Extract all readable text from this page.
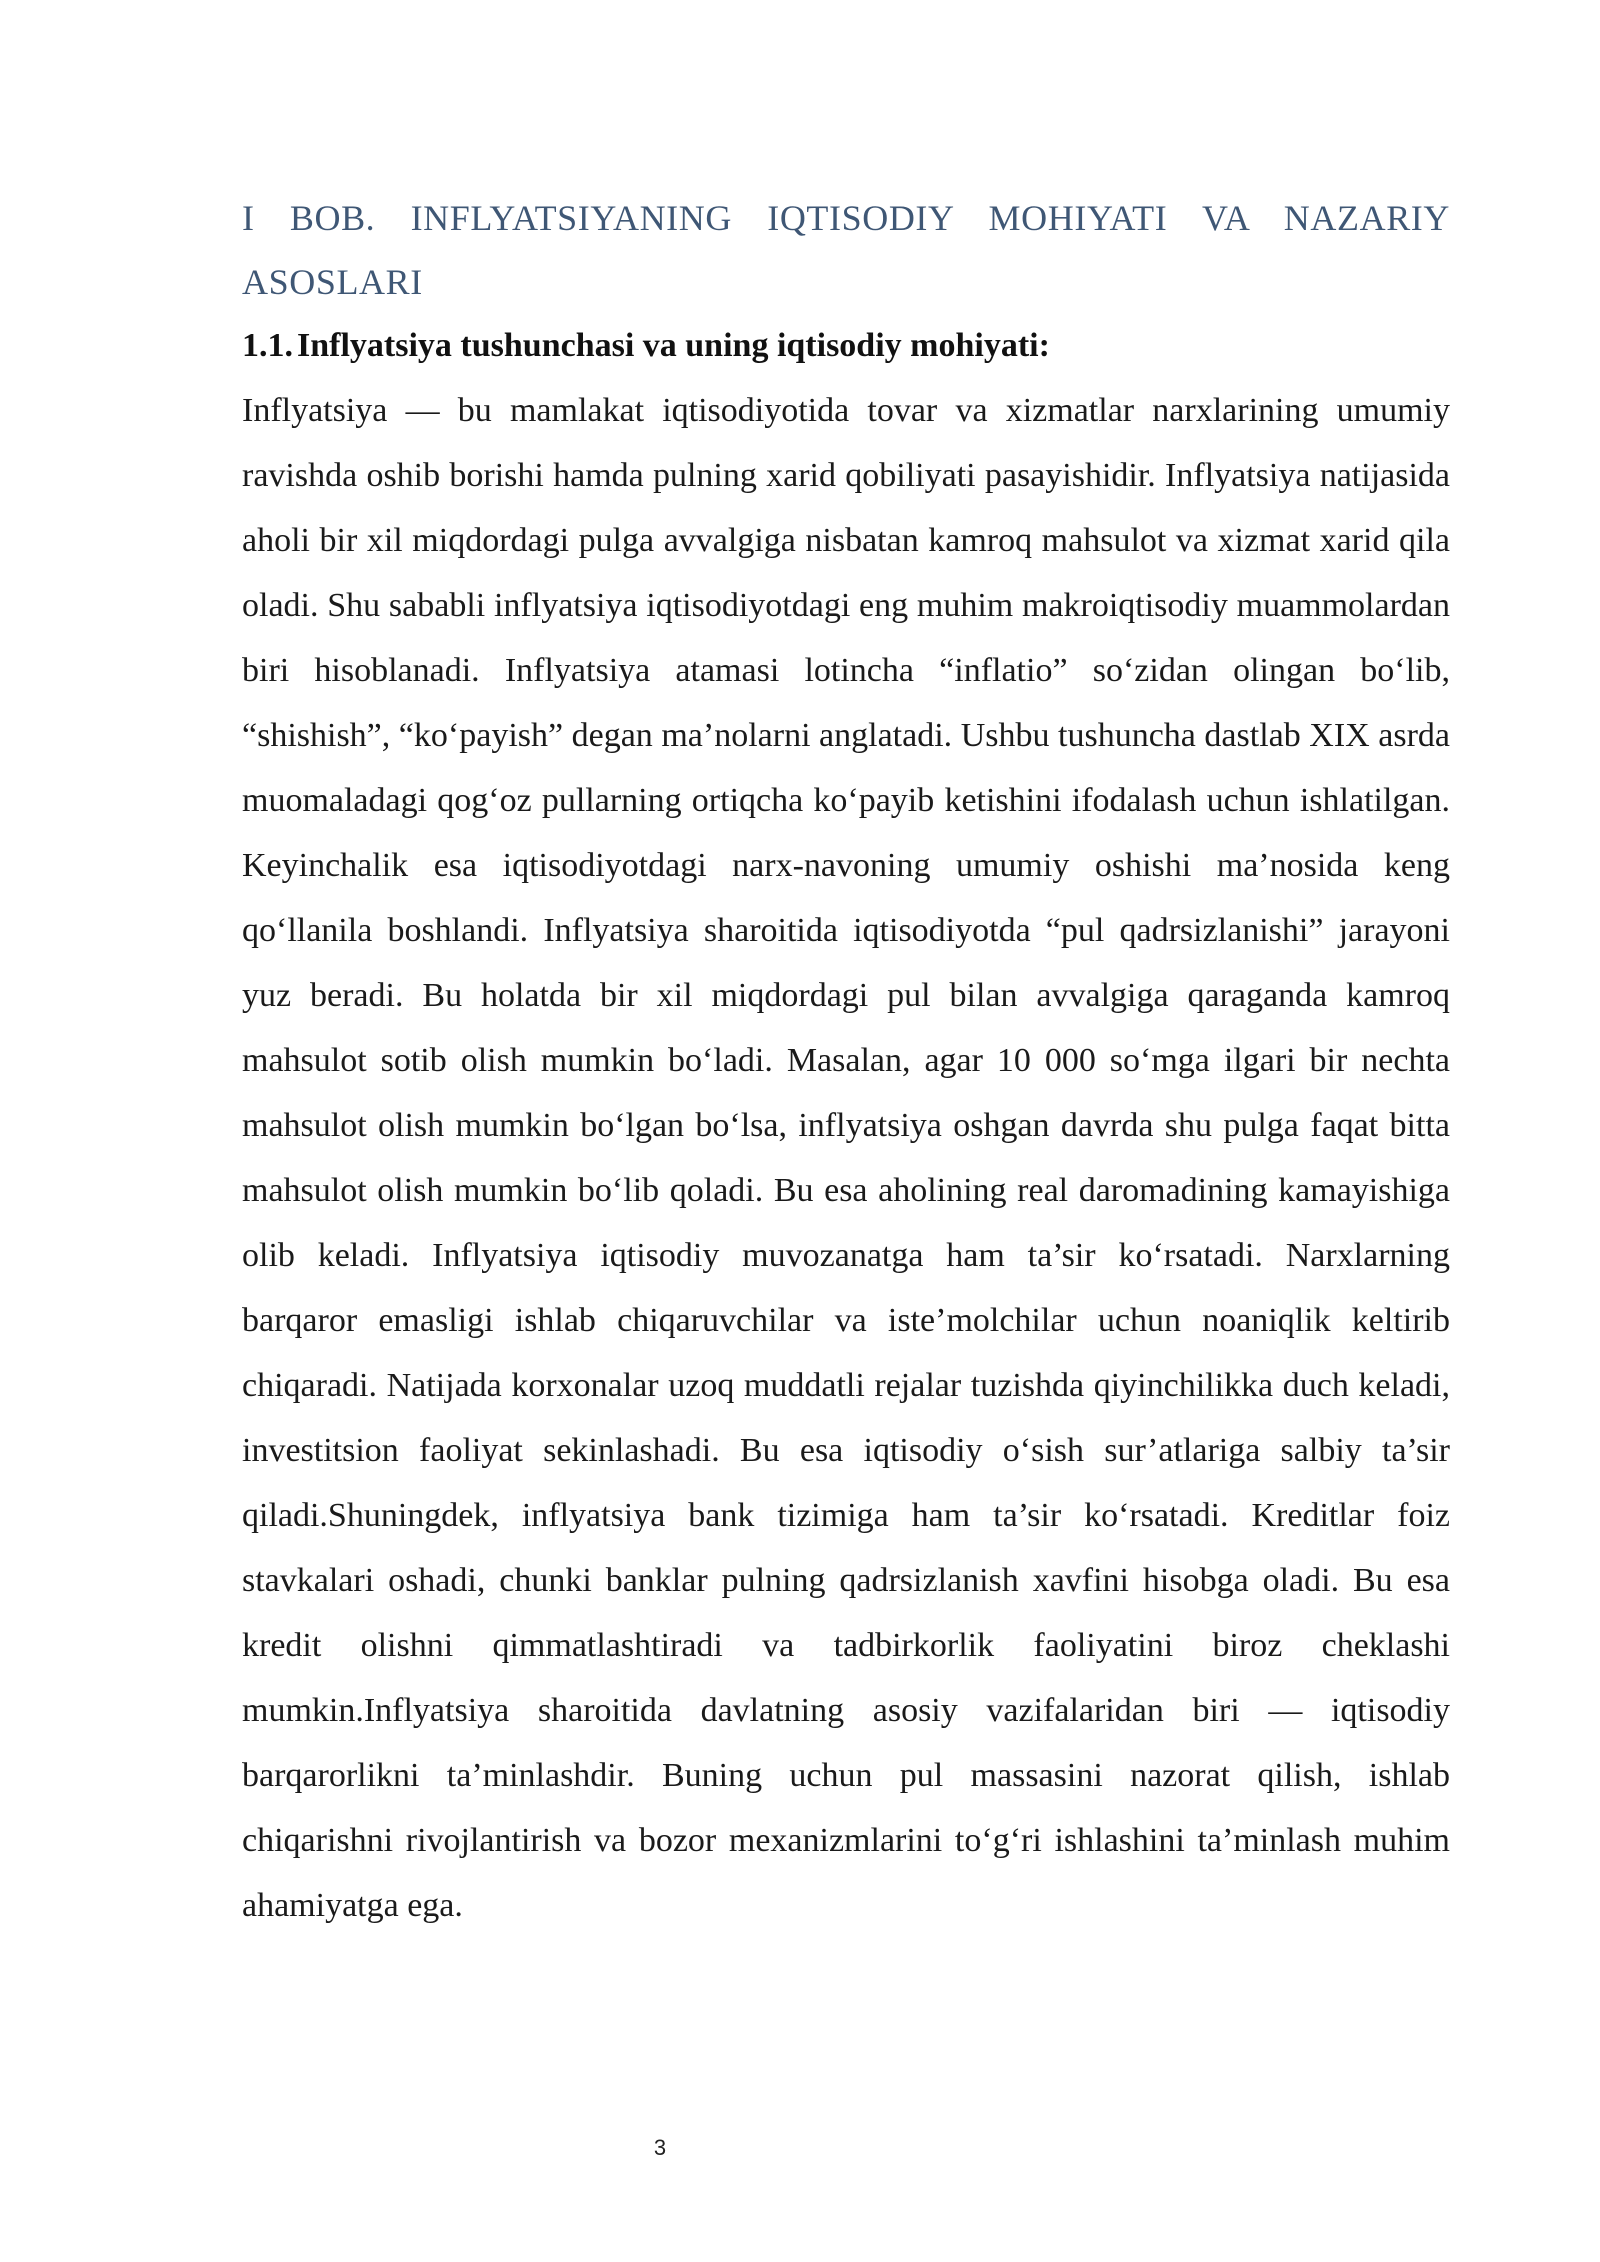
I BOB. INFLYATSIYANING IQTISODIY MOHIYATI VA NAZARIY ASOSLARI
1.1. Inflyatsiya tushunchasi va uning iqtisodiy mohiyati:

Inflyatsiya — bu mamlakat iqtisodiyotida tovar va xizmatlar narxlarining umumiy ravishda oshib borishi hamda pulning xarid qobiliyati pasayishidir. Inflyatsiya natijasida aholi bir xil miqdordagi pulga avvalgiga nisbatan kamroq mahsulot va xizmat xarid qila oladi. Shu sababli inflyatsiya iqtisodiyotdagi eng muhim makroiqtisodiy muammolardan biri hisoblanadi. Inflyatsiya atamasi lotincha “inflatio” so‘zidan olingan bo‘lib, “shishish”, “ko‘payish” degan ma’nolarni anglatadi. Ushbu tushuncha dastlab XIX asrda muomaladagi qog‘oz pullarning ortiqcha ko‘payib ketishini ifodalash uchun ishlatilgan. Keyinchalik esa iqtisodiyotdagi narx-navoning umumiy oshishi ma’nosida keng qo‘llanila boshlandi. Inflyatsiya sharoitida iqtisodiyotda “pul qadrsizlanishi” jarayoni yuz beradi. Bu holatda bir xil miqdordagi pul bilan avvalgiga qaraganda kamroq mahsulot sotib olish mumkin bo‘ladi. Masalan, agar 10 000 so‘mga ilgari bir nechta mahsulot olish mumkin bo‘lgan bo‘lsa, inflyatsiya oshgan davrda shu pulga faqat bitta mahsulot olish mumkin bo‘lib qoladi. Bu esa aholining real daromadining kamayishiga olib keladi. Inflyatsiya iqtisodiy muvozanatga ham ta’sir ko‘rsatadi. Narxlarning barqaror emasligi ishlab chiqaruvchilar va iste’molchilar uchun noaniqlik keltirib chiqaradi. Natijada korxonalar uzoq muddatli rejalar tuzishda qiyinchilikka duch keladi, investitsion faoliyat sekinlashadi. Bu esa iqtisodiy o‘sish sur’atlariga salbiy ta’sir qiladi.Shuningdek, inflyatsiya bank tizimiga ham ta’sir ko‘rsatadi. Kreditlar foiz stavkalari oshadi, chunki banklar pulning qadrsizlanish xavfini hisobga oladi. Bu esa kredit olishni qimmatlashtiradi va tadbirkorlik faoliyatini biroz cheklashi mumkin.Inflyatsiya sharoitida davlatning asosiy vazifalaridan biri — iqtisodiy barqarorlikni ta’minlashdir. Buning uchun pul massasini nazorat qilish, ishlab chiqarishni rivojlantirish va bozor mexanizmlarini to‘g‘ri ishlashini ta’minlash muhim ahamiyatga ega.

3
